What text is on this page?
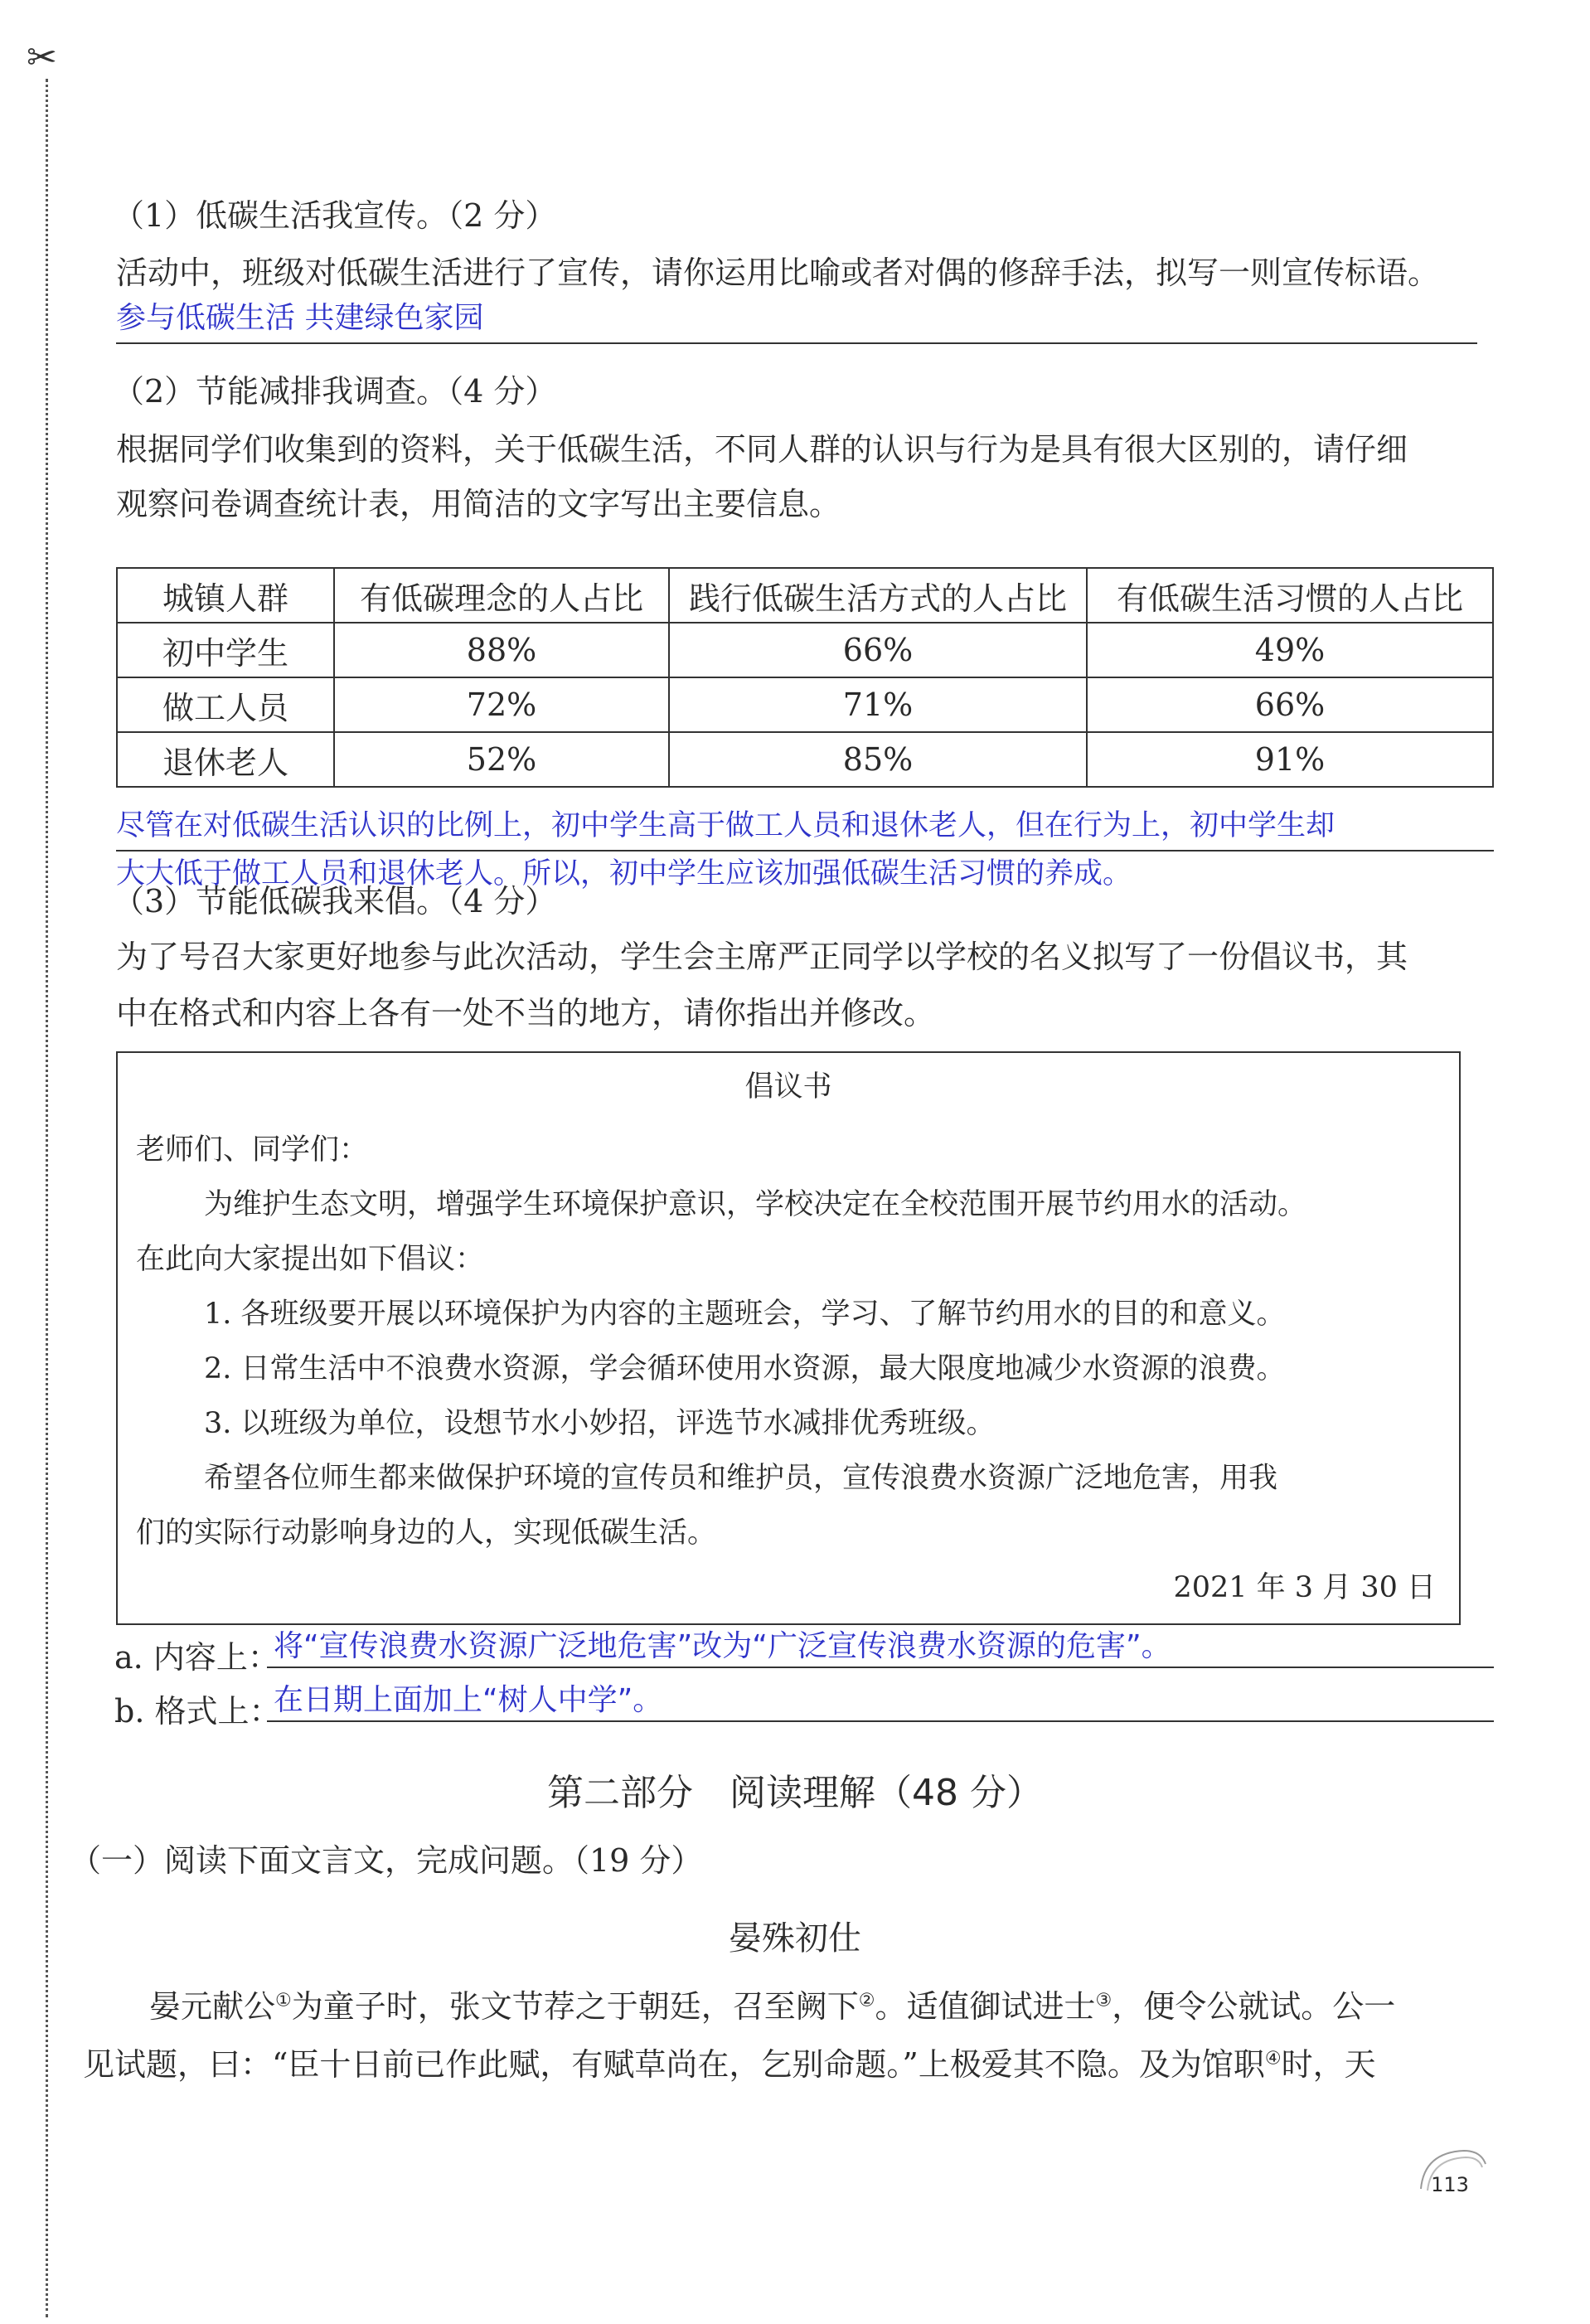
✂
（1）低碳生活我宣传。（2 分）
活动中，班级对低碳生活进行了宣传，请你运用比喻或者对偶的修辞手法，拟写一则宣传标语。
参与低碳生活 共建绿色家园
（2）节能减排我调查。（4 分）
根据同学们收集到的资料，关于低碳生活，不同人群的认识与行为是具有很大区别的，请仔细
观察问卷调查统计表，用简洁的文字写出主要信息。
城镇人群	有低碳理念的人占比	践行低碳生活方式的人占比	有低碳生活习惯的人占比
初中学生	88%	66%	49%
做工人员	72%	71%	66%
退休老人	52%	85%	91%
尽管在对低碳生活认识的比例上，初中学生高于做工人员和退休老人，但在行为上，初中学生却
大大低于做工人员和退休老人。所以，初中学生应该加强低碳生活习惯的养成。
（3）节能低碳我来倡。（4 分）
为了号召大家更好地参与此次活动，学生会主席严正同学以学校的名义拟写了一份倡议书，其
中在格式和内容上各有一处不当的地方，请你指出并修改。
倡议书
老师们、同学们：
为维护生态文明，增强学生环境保护意识，学校决定在全校范围开展节约用水的活动。
在此向大家提出如下倡议：
1. 各班级要开展以环境保护为内容的主题班会，学习、了解节约用水的目的和意义。
2. 日常生活中不浪费水资源，学会循环使用水资源，最大限度地减少水资源的浪费。
3. 以班级为单位，设想节水小妙招，评选节水减排优秀班级。
希望各位师生都来做保护环境的宣传员和维护员，宣传浪费水资源广泛地危害，用我
们的实际行动影响身边的人，实现低碳生活。
2021 年 3 月 30 日
a. 内容上：
将“宣传浪费水资源广泛地危害”改为“广泛宣传浪费水资源的危害”。
b. 格式上：
在日期上面加上“树人中学”。
第二部分　阅读理解（48 分）
（一）阅读下面文言文，完成问题。（19 分）
晏殊初仕
晏元献公①为童子时，张文节荐之于朝廷，召至阙下②。适值御试进士③，便令公就试。公一
见试题，曰：“臣十日前已作此赋，有赋草尚在，乞别命题。”上极爱其不隐。及为馆职④时，天
113
